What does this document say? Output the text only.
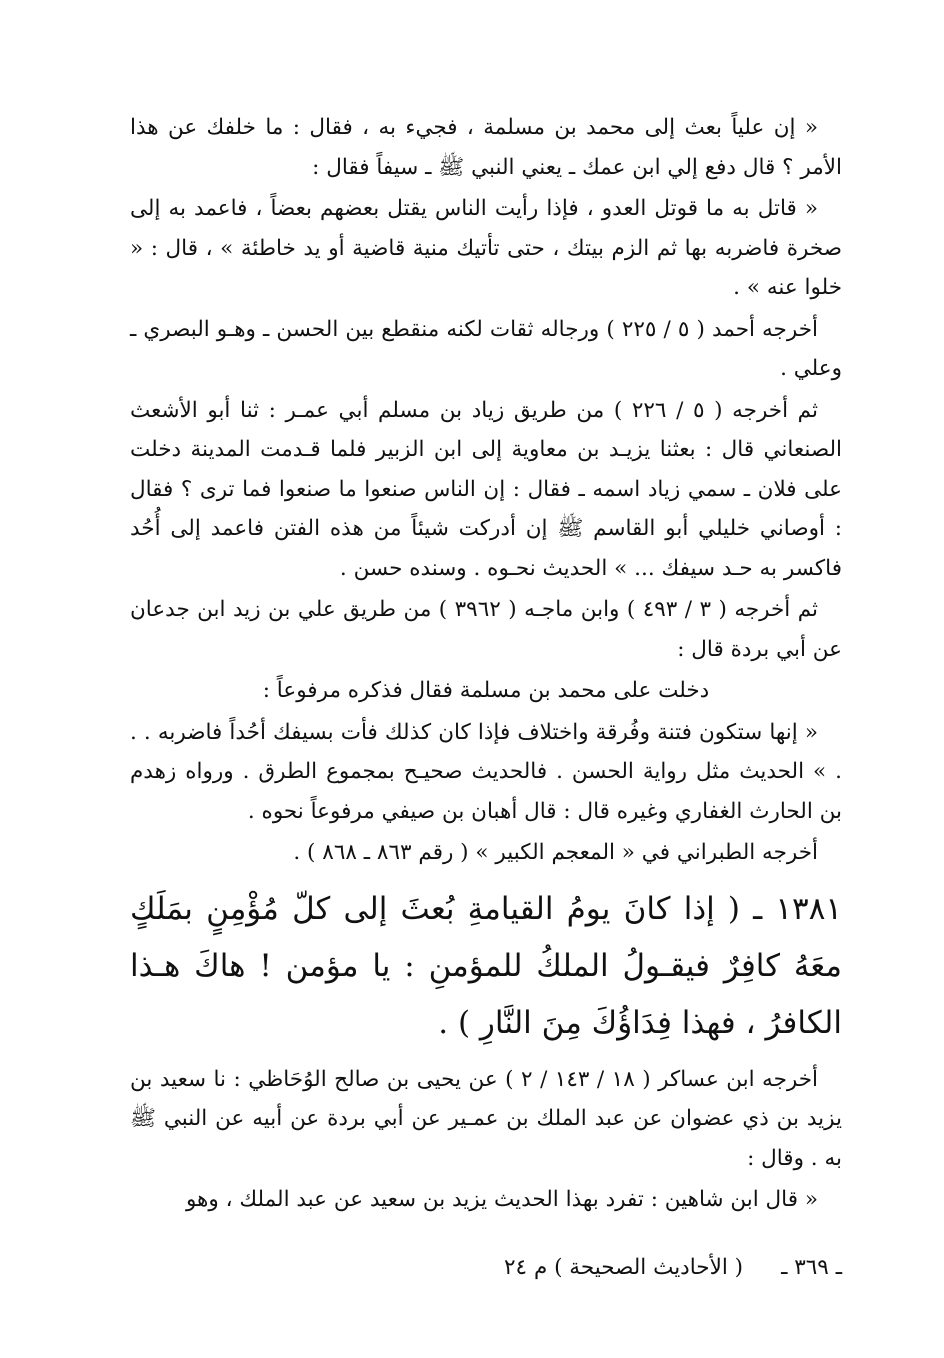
« إن علياً بعث إلى محمد بن مسلمة ، فجيء به ، فقال : ما خلفك عن هذا الأمر ؟ قال دفع إلي ابن عمك ـ يعني النبي ﷺ ـ سيفاً فقال :

« قاتل به ما قوتل العدو ، فإذا رأيت الناس يقتل بعضهم بعضاً ، فاعمد به إلى صخرة فاضربه بها ثم الزم بيتك ، حتى تأتيك منية قاضية أو يد خاطئة » ، قال : « خلوا عنه » .

أخرجه أحمد ( ٥ / ٢٢٥ ) ورجاله ثقات لكنه منقطع بين الحسن ـ وهـو البصري ـ وعلي .

ثم أخرجه ( ٥ / ٢٢٦ ) من طريق زياد بن مسلم أبي عمـر : ثنا أبو الأشعث الصنعاني قال : بعثنا يزيـد بن معاوية إلى ابن الزبير فلما قـدمت المدينة دخلت على فلان ـ سمي زياد اسمه ـ فقال : إن الناس صنعوا ما صنعوا فما ترى ؟ فقال : أوصاني خليلي أبو القاسم ﷺ إن أدركت شيئاً من هذه الفتن فاعمد إلى أُحُد فاكسر به حـد سيفك ... » الحديث نحـوه . وسنده حسن .

ثم أخرجه ( ٣ / ٤٩٣ ) وابن ماجـه ( ٣٩٦٢ ) من طريق علي بن زيد ابن جدعان عن أبي بردة قال :

دخلت على محمد بن مسلمة فقال فذكره مرفوعاً :

« إنها ستكون فتنة وفُرقة واختلاف فإذا كان كذلك فأت بسيفك أحُداً فاضربه . . . » الحديث مثل رواية الحسن . فالحديث صحيـح بمجموع الطرق . ورواه زهدم بن الحارث الغفاري وغيره قال : قال أهبان بن صيفي مرفوعاً نحوه .

أخرجه الطبراني في « المعجم الكبير » ( رقم ٨٦٣ ـ ٨٦٨ ) .

١٣٨١ ـ ( إذا كانَ يومُ القيامةِ بُعثَ إلى كلّ مُؤْمِنٍ بمَلَكٍ معَهُ كافِرٌ فيقـولُ الملكُ للمؤمنِ : يا مؤمن ! هاكَ هـذا الكافرُ ، فهذا فِدَاؤُكَ مِنَ النَّارِ ) .

أخرجه ابن عساكر ( ١٨ / ١٤٣ / ٢ ) عن يحيى بن صالح الوُحَاظي : نا سعيد بن يزيد بن ذي عضوان عن عبد الملك بن عمـير عن أبي بردة عن أبيه عن النبي ﷺ به . وقال :

« قال ابن شاهين : تفرد بهذا الحديث يزيد بن سعيد عن عبد الملك ، وهو

ـ ٣٦٩ ـ
( الأحاديث الصحيحة ) م ٢٤
